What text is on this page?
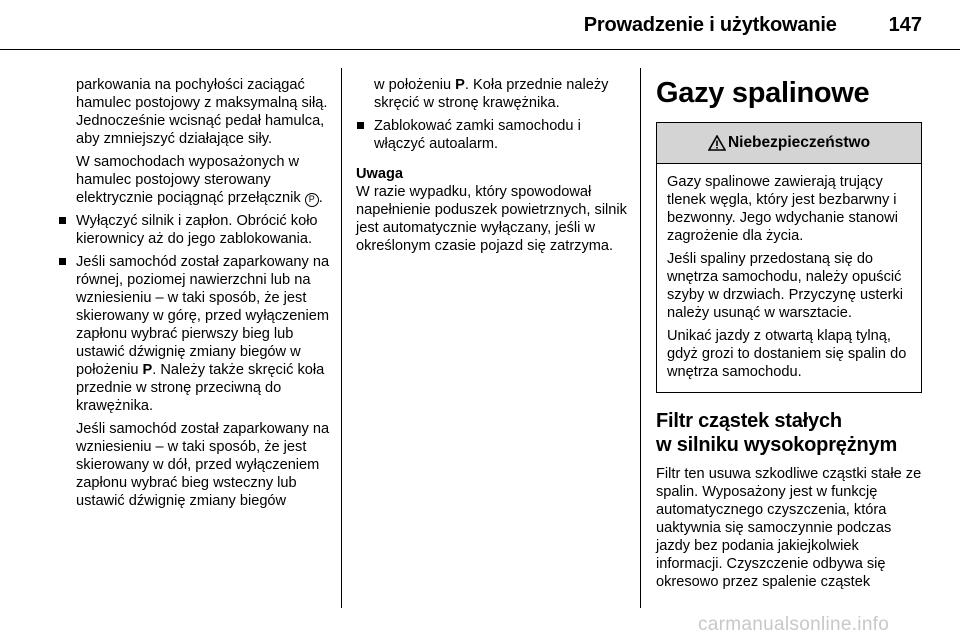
Prowadzenie i użytkowanie	147

parkowania na pochyłości zaciągać hamulec postojowy z maksymalną siłą. Jednocześnie wcisnąć pedał hamulca, aby zmniejszyć działające siły.

W samochodach wyposażonych w hamulec postojowy sterowany elektrycznie pociągnąć przełącznik P .

Wyłączyć silnik i zapłon. Obrócić koło kierownicy aż do jego zablokowania.

Jeśli samochód został zaparkowany na równej, poziomej nawierzchni lub na wzniesieniu – w taki sposób, że jest skierowany w górę, przed wyłączeniem zapłonu wybrać pierwszy bieg lub ustawić dźwignię zmiany biegów w położeniu P. Należy także skręcić koła przednie w stronę przeciwną do krawężnika.

Jeśli samochód został zaparkowany na wzniesieniu – w taki sposób, że jest skierowany w dół, przed wyłączeniem zapłonu wybrać bieg wsteczny lub ustawić dźwignię zmiany biegów

w położeniu P. Koła przednie należy skręcić w stronę krawężnika.

Zablokować zamki samochodu i włączyć autoalarm.

Uwaga
W razie wypadku, który spowodował napełnienie poduszek powietrznych, silnik jest automatycznie wyłączany, jeśli w określonym czasie pojazd się zatrzyma.

Gazy spalinowe
Niebezpieczeństwo

Gazy spalinowe zawierają trujący tlenek węgla, który jest bezbarwny i bezwonny. Jego wdychanie stanowi zagrożenie dla życia.

Jeśli spaliny przedostaną się do wnętrza samochodu, należy opuścić szyby w drzwiach. Przyczynę usterki należy usunąć w warsztacie.

Unikać jazdy z otwartą klapą tylną, gdyż grozi to dostaniem się spalin do wnętrza samochodu.

Filtr cząstek stałych
w silniku wysokoprężnym

Filtr ten usuwa szkodliwe cząstki stałe ze spalin. Wyposażony jest w funkcję automatycznego czyszczenia, która uaktywnia się samoczynnie podczas jazdy bez podania jakiejkolwiek informacji. Czyszczenie odbywa się okresowo przez spalenie cząstek

carmanualsonline.info
